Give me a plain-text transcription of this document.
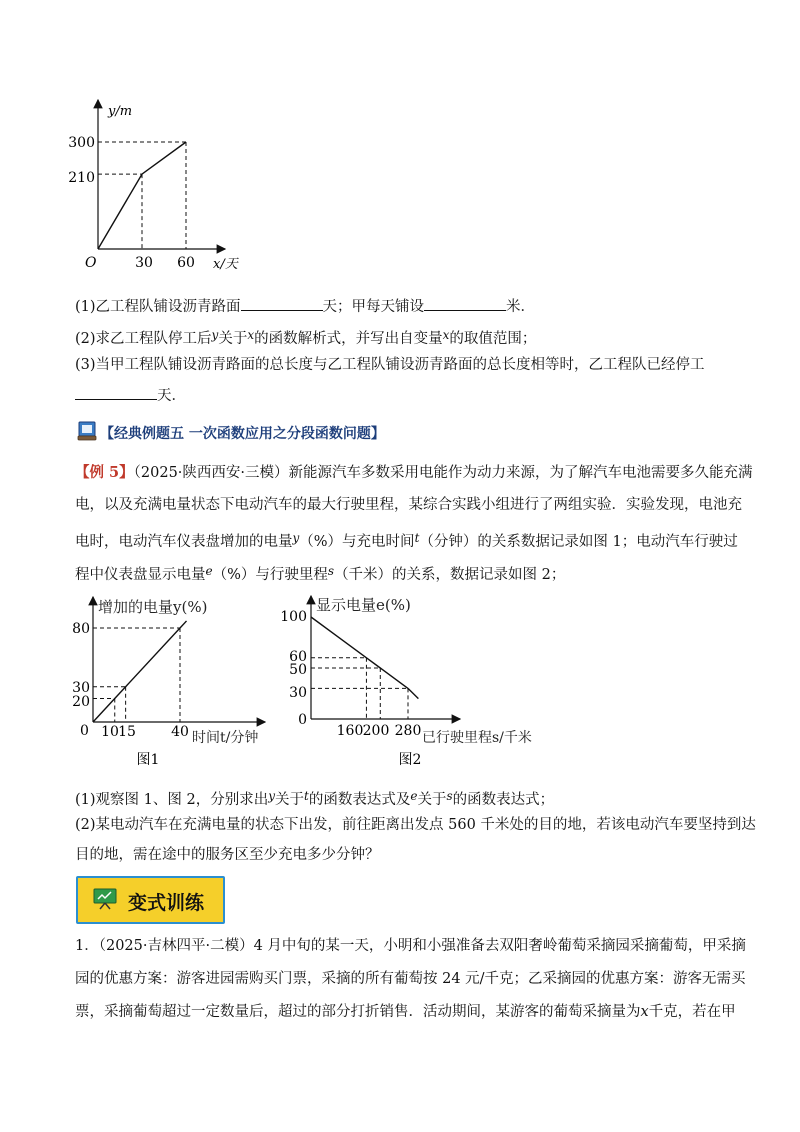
y/m
x/天
O	30 60
210
300
(1)乙工程队铺设沥青路面	天；甲每天铺设	米．
(2)求乙工程队停工后$^y$关于$^x$的函数解析式，并写出自变量$^x$的取值范围；
(3)当甲工程队铺设沥青路面的总长度与乙工程队铺设沥青路面的总长度相等时，乙工程队已经停工
天．
【经典例题五 一次函数应用之分段函数问题】
【例 5】（2025·陕西西安·三模）新能源汽车多数采用电能作为动力来源，为了解汽车电池需要多久能充满
电，以及充满电量状态下电动汽车的最大行驶里程，某综合实践小组进行了两组实验．实验发现，电池充
电时，电动汽车仪表盘增加的电量$^y$（%）与充电时间$^t$（分钟）的关系数据记录如图 1；电动汽车行驶过
程中仪表盘显示电量$^e$（%）与行驶里程$^s$（千米）的关系，数据记录如图 2；
增加的电量y(%)
时间t/分钟
0 10 15	40
20
30
80
图1
显示电量e(%)
已行驶里程s/千米
160 200 280
0
30
50
60
100
图2
(1)观察图 1、图 2，分别求出$^y$关于$^t$的函数表达式及$^e$关于$^s$的函数表达式；
(2)某电动汽车在充满电量的状态下出发，前往距离出发点 560 千米处的目的地，若该电动汽车要坚持到达
目的地，需在途中的服务区至少充电多少分钟？
变式训练
1．（2025·吉林四平·二模）4 月中旬的某一天，小明和小强准备去双阳奢岭葡萄采摘园采摘葡萄，甲采摘
园的优惠方案：游客进园需购买门票，采摘的所有葡萄按 24 元/千克；乙采摘园的优惠方案：游客无需买
票，采摘葡萄超过一定数量后，超过的部分打折销售．活动期间，某游客的葡萄采摘量为x千克，若在甲
